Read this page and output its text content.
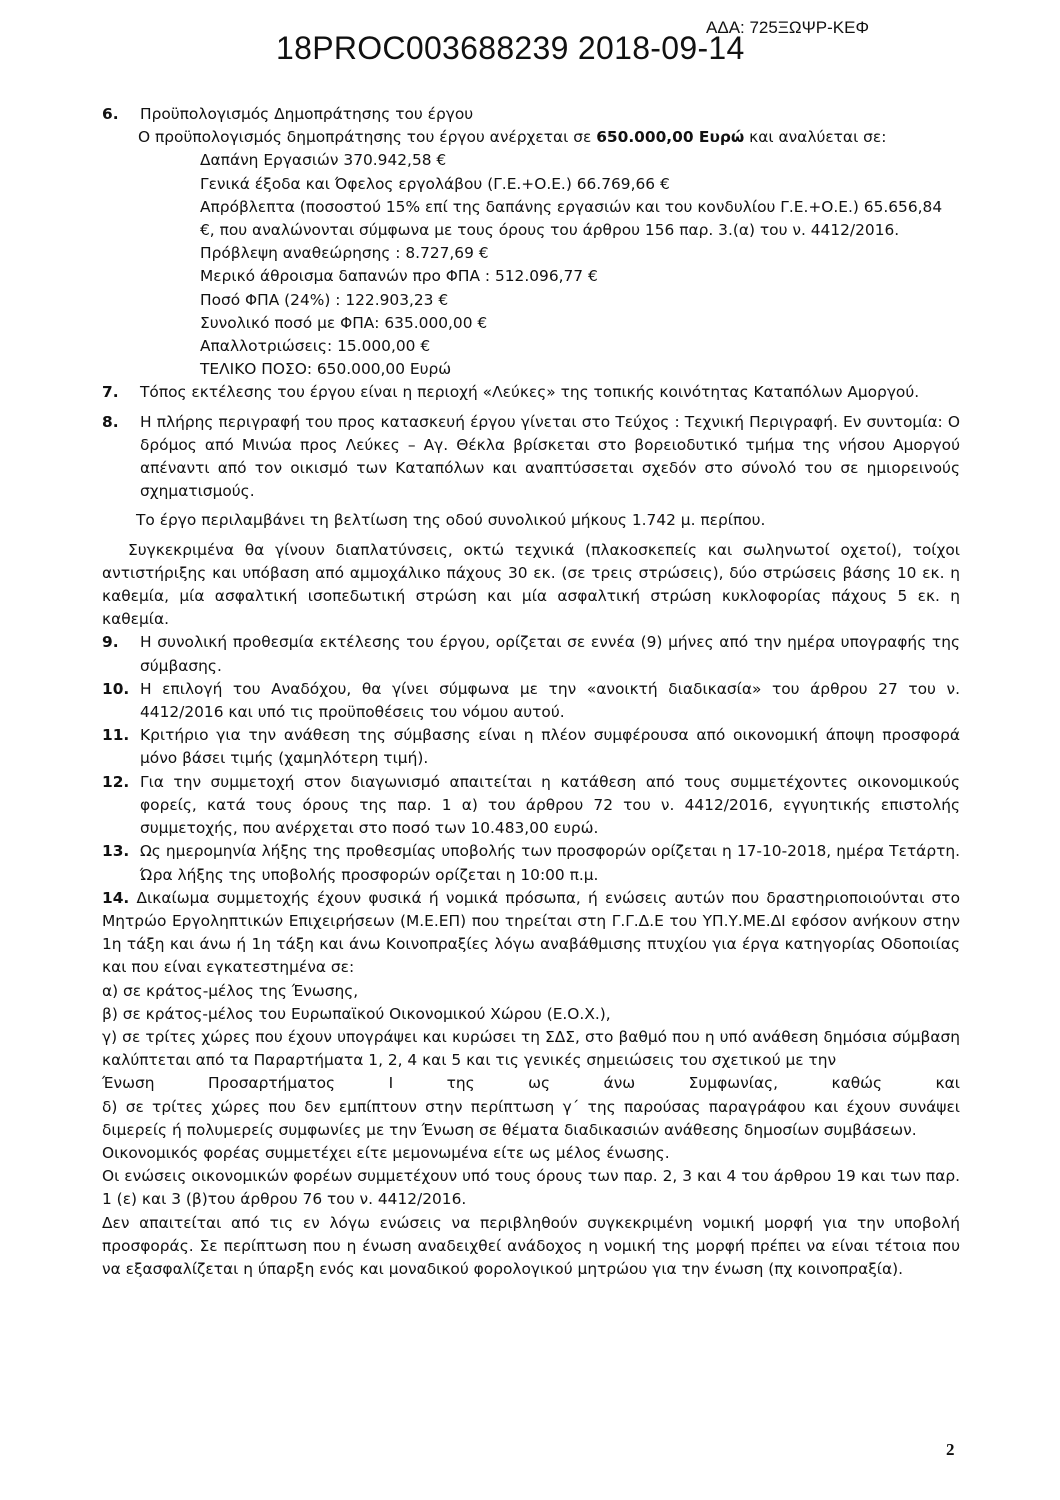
18PROC003688239 2018-09-14
ΑΔΑ: 725ΞΩΨΡ-ΚΕΦ
6.	Προϋπολογισμός Δημοπράτησης του έργου
Ο προϋπολογισμός δημοπράτησης του έργου ανέρχεται σε 650.000,00 Ευρώ και αναλύεται σε:
Δαπάνη Εργασιών 370.942,58 €
Γενικά έξοδα και Όφελος εργολάβου (Γ.Ε.+Ο.Ε.) 66.769,66 €
Απρόβλεπτα (ποσοστού 15% επί της δαπάνης εργασιών και του κονδυλίου Γ.Ε.+Ο.Ε.) 65.656,84 €, που αναλώνονται σύμφωνα με τους όρους του άρθρου 156 παρ. 3.(α) του ν. 4412/2016.
Πρόβλεψη αναθεώρησης : 8.727,69 €
Μερικό άθροισμα δαπανών προ ΦΠΑ : 512.096,77 €
Ποσό ΦΠΑ (24%) : 122.903,23 €
Συνολικό ποσό με ΦΠΑ: 635.000,00 €
Απαλλοτριώσεις: 15.000,00 €
ΤΕΛΙΚΟ ΠΟΣΟ: 650.000,00 Ευρώ
7.	Τόπος εκτέλεσης του έργου είναι η περιοχή «Λεύκες» της τοπικής κοινότητας Καταπόλων Αμοργού.
8.	Η πλήρης περιγραφή του προς κατασκευή έργου γίνεται στο Τεύχος : Τεχνική Περιγραφή. Εν συντομία: Ο δρόμος από Μινώα προς Λεύκες – Αγ. Θέκλα βρίσκεται στο βορειοδυτικό τμήμα της νήσου Αμοργού απέναντι από τον οικισμό των Καταπόλων και αναπτύσσεται σχεδόν στο σύνολό του σε ημιορεινούς σχηματισμούς.
Το έργο περιλαμβάνει τη βελτίωση της οδού συνολικού μήκους 1.742 μ. περίπου.
Συγκεκριμένα θα γίνουν διαπλατύνσεις, οκτώ τεχνικά (πλακοσκεπείς και σωληνωτοί οχετοί), τοίχοι αντιστήριξης και υπόβαση από αμμοχάλικο πάχους 30 εκ. (σε τρεις στρώσεις), δύο στρώσεις βάσης 10 εκ. η καθεμία, μία ασφαλτική ισοπεδωτική στρώση και μία ασφαλτική στρώση κυκλοφορίας πάχους 5 εκ. η καθεμία.
9.	Η συνολική προθεσμία εκτέλεσης του έργου, ορίζεται σε εννέα (9) μήνες από την ημέρα υπογραφής της σύμβασης.
10. Η επιλογή του Αναδόχου, θα γίνει σύμφωνα με την «ανοικτή διαδικασία» του άρθρου 27 του ν. 4412/2016 και υπό τις προϋποθέσεις του νόμου αυτού.
11. Κριτήριο για την ανάθεση της σύμβασης είναι η πλέον συμφέρουσα από οικονομική άποψη προσφορά μόνο βάσει τιμής (χαμηλότερη τιμή).
12. Για την συμμετοχή στον διαγωνισμό απαιτείται η κατάθεση από τους συμμετέχοντες οικονομικούς φορείς, κατά τους όρους της παρ. 1 α) του άρθρου 72 του ν. 4412/2016, εγγυητικής επιστολής συμμετοχής, που ανέρχεται στο ποσό των 10.483,00 ευρώ.
13. Ως ημερομηνία λήξης της προθεσμίας υποβολής των προσφορών ορίζεται η 17-10-2018, ημέρα Τετάρτη. Ώρα λήξης της υποβολής προσφορών ορίζεται η 10:00 π.μ.
14. Δικαίωμα συμμετοχής έχουν φυσικά ή νομικά πρόσωπα, ή ενώσεις αυτών που δραστηριοποιούνται στο Μητρώο Εργοληπτικών Επιχειρήσεων (Μ.Ε.ΕΠ) που τηρείται στη Γ.Γ.Δ.Ε του ΥΠ.Υ.ΜΕ.ΔΙ εφόσον ανήκουν στην 1η τάξη και άνω ή 1η τάξη και άνω Κοινοπραξίες λόγω αναβάθμισης πτυχίου για έργα κατηγορίας Οδοποιίας και που είναι εγκατεστημένα σε:
α) σε κράτος-μέλος της Ένωσης,
β) σε κράτος-μέλος του Ευρωπαϊκού Οικονομικού Χώρου (Ε.Ο.Χ.),
γ) σε τρίτες χώρες που έχουν υπογράψει και κυρώσει τη ΣΔΣ, στο βαθμό που η υπό ανάθεση δημόσια σύμβαση καλύπτεται από τα Παραρτήματα 1, 2, 4 και 5 και τις γενικές σημειώσεις του σχετικού με την
Ένωση	Προσαρτήματος	Ι	της	ως	άνω	Συμφωνίας,	καθώς	και
δ) σε τρίτες χώρες που δεν εμπίπτουν στην περίπτωση γ΄ της παρούσας παραγράφου και έχουν συνάψει διμερείς ή πολυμερείς συμφωνίες με την Ένωση σε θέματα διαδικασιών ανάθεσης δημοσίων συμβάσεων.
Οικονομικός φορέας συμμετέχει είτε μεμονωμένα είτε ως μέλος ένωσης.
Οι ενώσεις οικονομικών φορέων συμμετέχουν υπό τους όρους των παρ. 2, 3 και 4 του άρθρου 19 και των παρ. 1 (ε) και 3 (β)του άρθρου 76 του ν. 4412/2016.
Δεν απαιτείται από τις εν λόγω ενώσεις να περιβληθούν συγκεκριμένη νομική μορφή για την υποβολή προσφοράς. Σε περίπτωση που η ένωση αναδειχθεί ανάδοχος η νομική της μορφή πρέπει να είναι τέτοια που να εξασφαλίζεται η ύπαρξη ενός και μοναδικού φορολογικού μητρώου για την ένωση (πχ κοινοπραξία).
2
